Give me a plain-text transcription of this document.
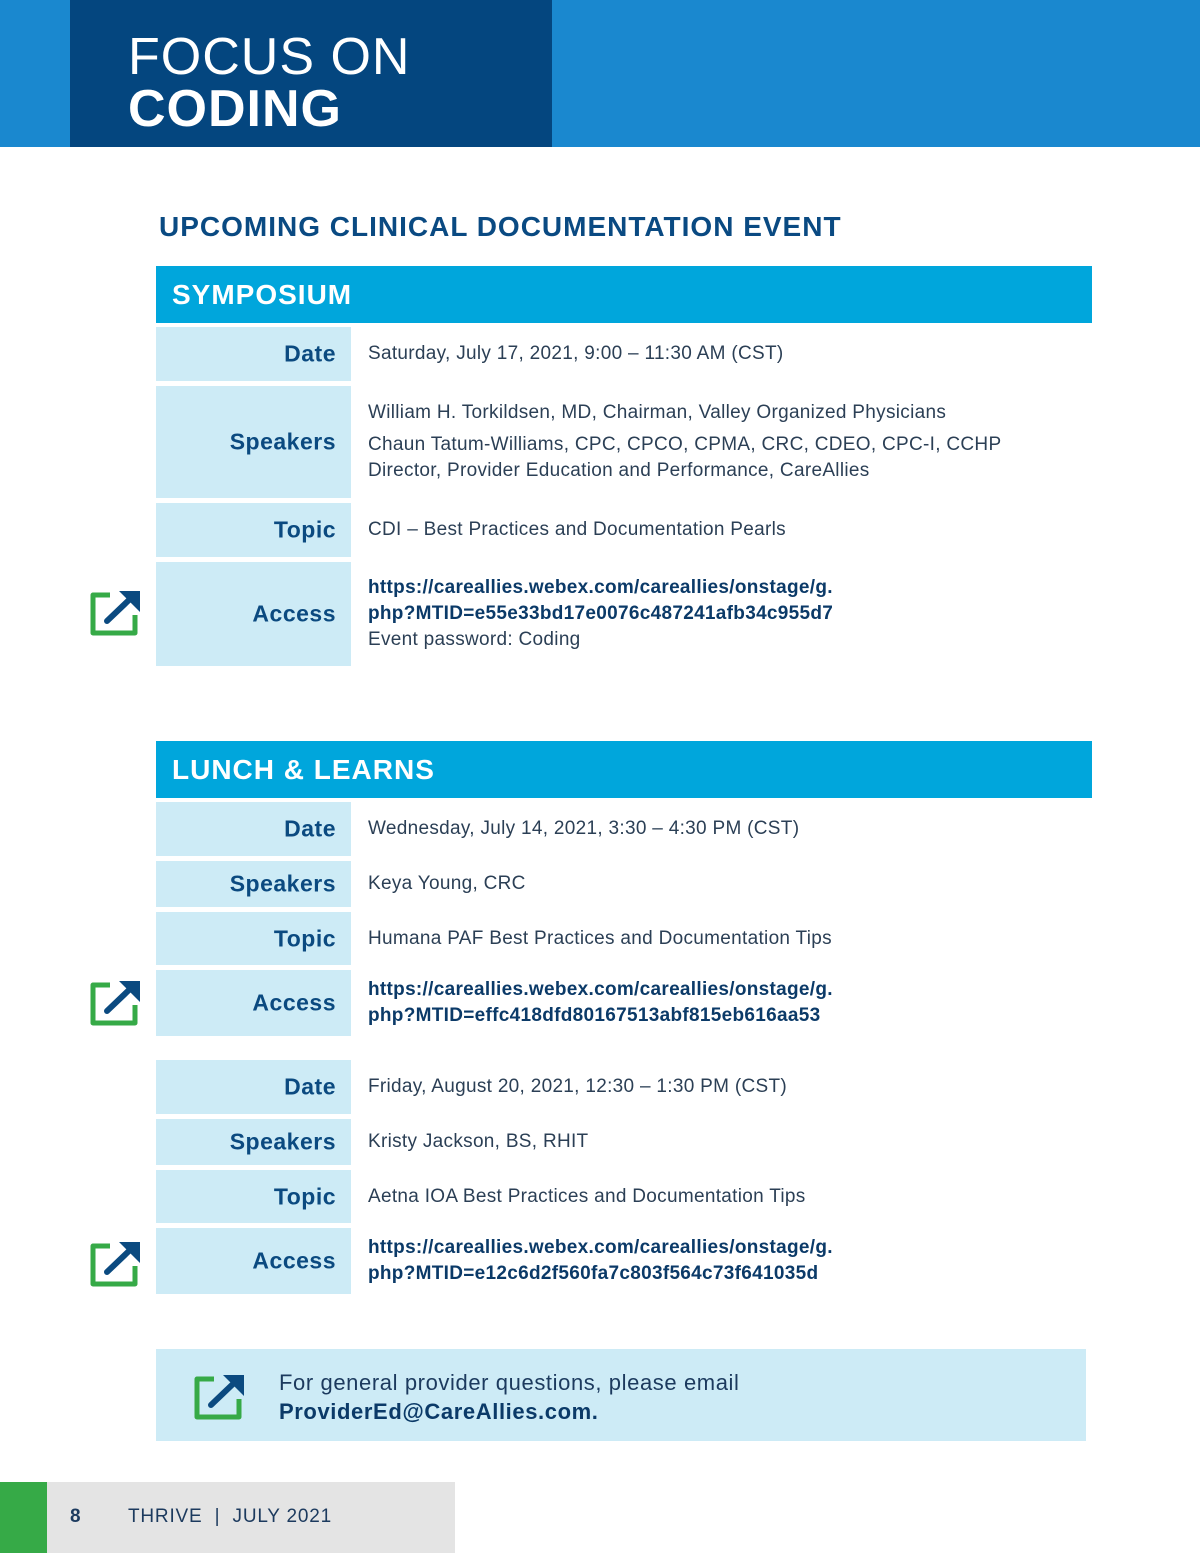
FOCUS ON
CODING
UPCOMING CLINICAL DOCUMENTATION EVENT
SYMPOSIUM
Date Saturday, July 17, 2021, 9:00 – 11:30 AM (CST)
Speakers
William H. Torkildsen, MD, Chairman, Valley Organized Physicians
Chaun Tatum-Williams, CPC, CPCO, CPMA, CRC, CDEO, CPC-I, CCHP
Director, Provider Education and Performance, CareAllies
Topic CDI – Best Practices and Documentation Pearls
Access
https://careallies.webex.com/careallies/onstage/g.
php?MTID=e55e33bd17e0076c487241afb34c955d7
Event password: Coding
LUNCH & LEARNS
Date Wednesday, July 14, 2021, 3:30 – 4:30 PM (CST)
Speakers Keya Young, CRC
Topic Humana PAF Best Practices and Documentation Tips
Access https://careallies.webex.com/careallies/onstage/g.
php?MTID=effc418dfd80167513abf815eb616aa53
Date Friday, August 20, 2021, 12:30 – 1:30 PM (CST)
Speakers Kristy Jackson, BS, RHIT
Topic Aetna IOA Best Practices and Documentation Tips
Access https://careallies.webex.com/careallies/onstage/g.
php?MTID=e12c6d2f560fa7c803f564c73f641035d
For general provider questions, please email
ProviderEd@CareAllies.com.
8 THRIVE  |  JULY 2021
